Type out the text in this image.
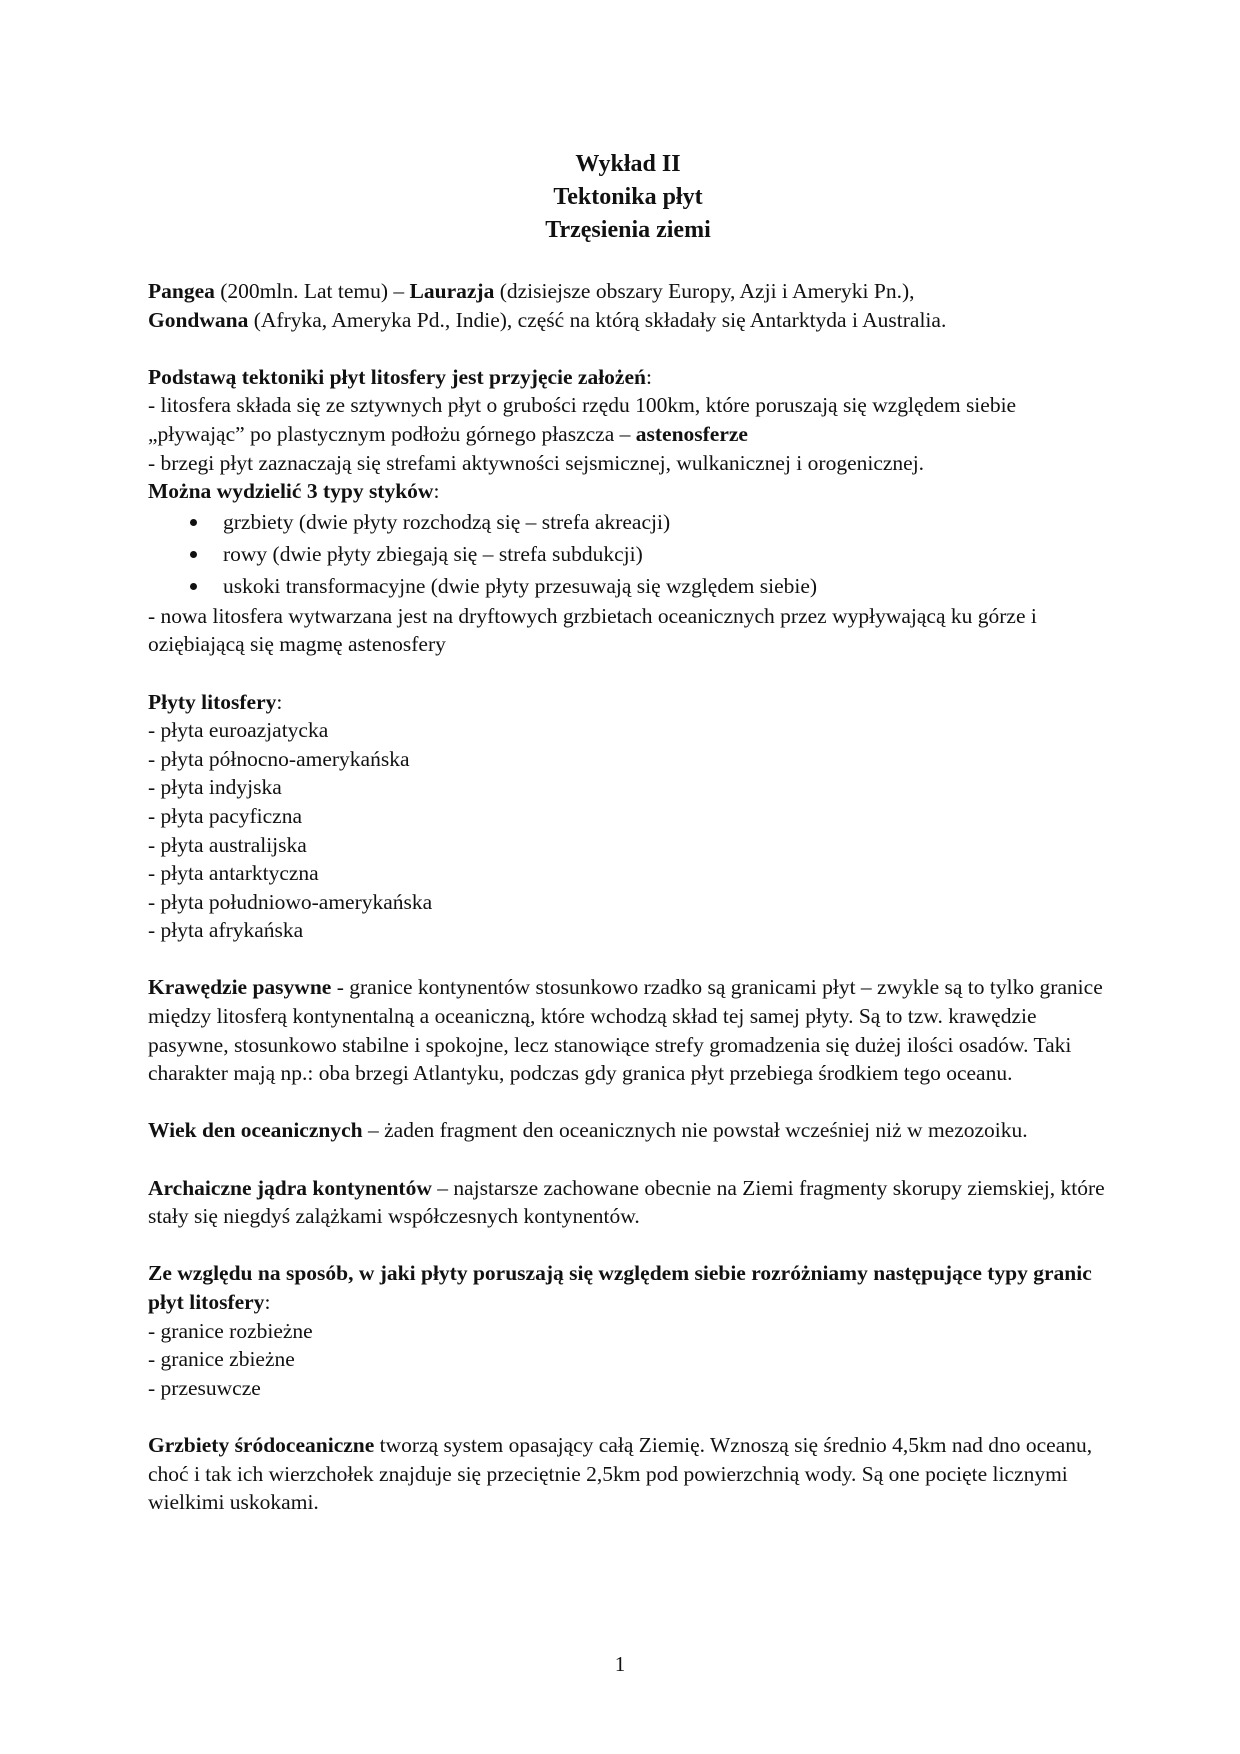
Wykład II
Tektonika płyt
Trzęsienia ziemi

Pangea (200mln. Lat temu) – Laurazja (dzisiejsze obszary Europy, Azji i Ameryki Pn.),
Gondwana (Afryka, Ameryka Pd., Indie), część na którą składały się Antarktyda i Australia.

Podstawą tektoniki płyt litosfery jest przyjęcie założeń:

- litosfera składa się ze sztywnych płyt o grubości rzędu 100km, które poruszają się względem siebie „pływając” po plastycznym podłożu górnego płaszcza – astenosferze

- brzegi płyt zaznaczają się strefami aktywności sejsmicznej, wulkanicznej i orogenicznej.

Można wydzielić 3 typy styków:

grzbiety (dwie płyty rozchodzą się – strefa akreacji)
rowy (dwie płyty zbiegają się – strefa subdukcji)
uskoki transformacyjne (dwie płyty przesuwają się względem siebie)

- nowa litosfera wytwarzana jest na dryftowych grzbietach oceanicznych przez wypływającą ku górze i oziębiającą się magmę astenosfery

Płyty litosfery:

- płyta euroazjatycka

- płyta północno-amerykańska

- płyta indyjska

- płyta pacyficzna

- płyta australijska

- płyta antarktyczna

- płyta południowo-amerykańska

- płyta afrykańska

Krawędzie pasywne - granice kontynentów stosunkowo rzadko są granicami płyt – zwykle są to tylko granice między litosferą kontynentalną a oceaniczną, które wchodzą skład tej samej płyty. Są to tzw. krawędzie pasywne, stosunkowo stabilne i spokojne, lecz stanowiące strefy gromadzenia się dużej ilości osadów. Taki charakter mają np.: oba brzegi Atlantyku, podczas gdy granica płyt przebiega środkiem tego oceanu.

Wiek den oceanicznych – żaden fragment den oceanicznych nie powstał wcześniej niż w mezozoiku.

Archaiczne jądra kontynentów – najstarsze zachowane obecnie na Ziemi fragmenty skorupy ziemskiej, które stały się niegdyś zalążkami współczesnych kontynentów.

Ze względu na sposób, w jaki płyty poruszają się względem siebie rozróżniamy następujące typy granic płyt litosfery:

- granice rozbieżne

- granice zbieżne

- przesuwcze

Grzbiety śródoceaniczne tworzą system opasający całą Ziemię. Wznoszą się średnio 4,5km nad dno oceanu, choć i tak ich wierzchołek znajduje się przeciętnie 2,5km pod powierzchnią wody. Są one pocięte licznymi wielkimi uskokami.

1
